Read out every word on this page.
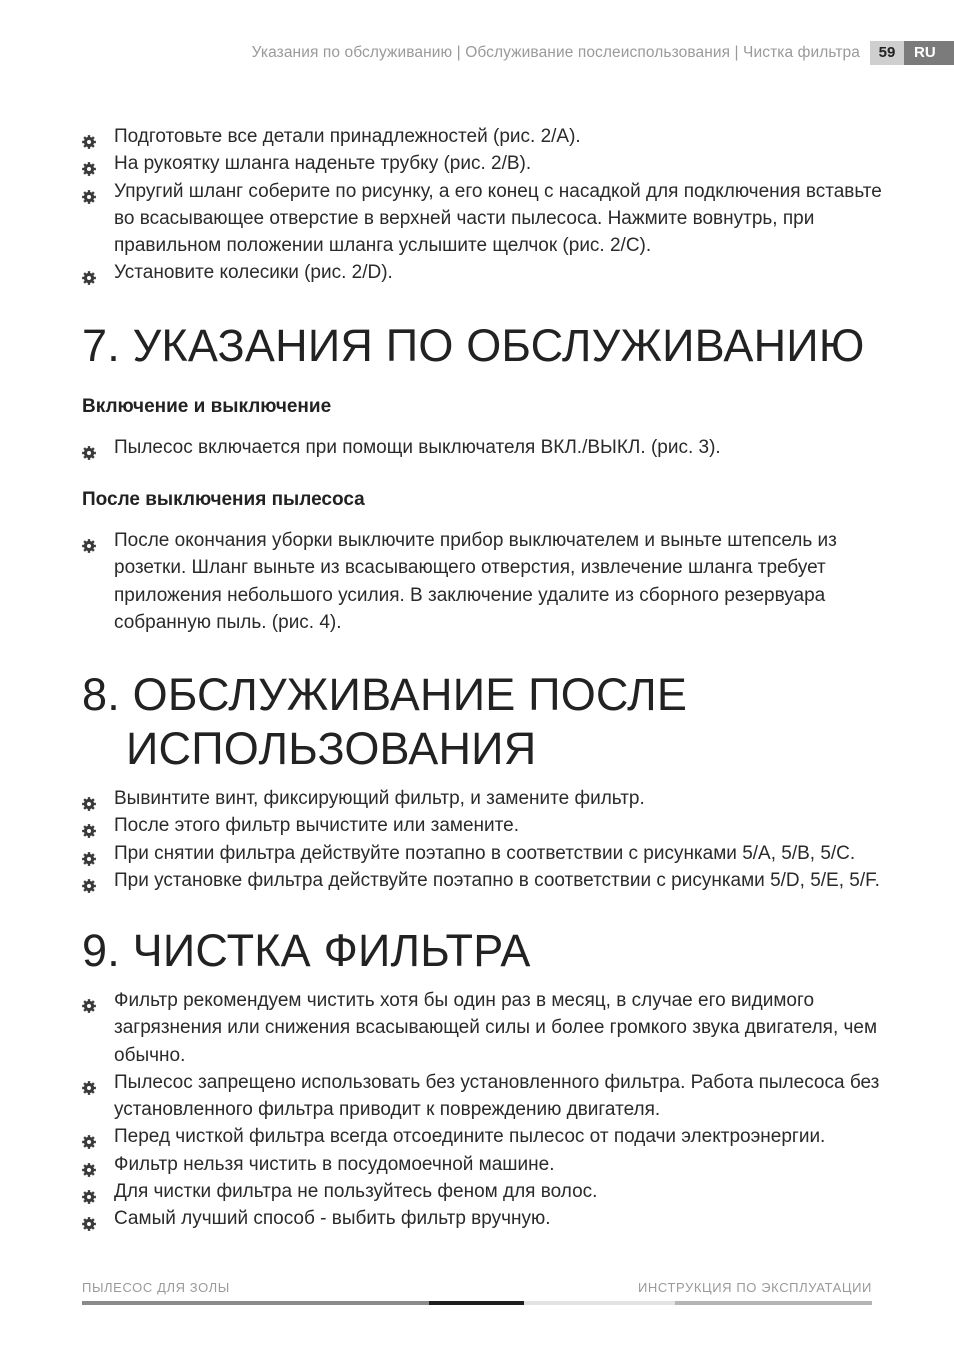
Указания по обслуживанию | Обслуживание послеиспользования | Чистка фильтра	59	RU
Подготовьте все детали принадлежностей (рис. 2/A).
На рукоятку шланга наденьте трубку (рис. 2/B).
Упругий шланг соберите по рисунку, а его конец с насадкой для подключения вставьте во всасывающее отверстие в верхней части пылесоса. Нажмите вовнутрь, при правильном положении шланга услышите щелчок (рис. 2/C).
Установите колесики (рис. 2/D).
7. УКАЗАНИЯ ПО ОБСЛУЖИВАНИЮ
Включение и выключение
Пылесос включается при помощи выключателя ВКЛ./ВЫКЛ. (рис. 3).
После выключения пылесоса
После окончания уборки выключите прибор выключателем и выньте штепсель из розетки. Шланг выньте из всасывающего отверстия, извлечение шланга требует приложения небольшого усилия. В заключение удалите из сборного резервуара собранную пыль. (рис. 4).
8. ОБСЛУЖИВАНИЕ ПОСЛЕ
ИСПОЛЬЗОВАНИЯ
Вывинтите винт, фиксирующий фильтр, и замените фильтр.
После этого фильтр вычистите или замените.
При снятии фильтра действуйте поэтапно в соответствии с рисунками 5/A, 5/B, 5/C.
При установке фильтра действуйте поэтапно в соответствии с рисунками 5/D, 5/E, 5/F.
9. ЧИСТКА ФИЛЬТРА
Фильтр рекомендуем чистить хотя бы один раз в месяц, в случае его видимого загрязнения или снижения всасывающей силы и более громкого звука двигателя, чем обычно.
Пылесос запрещено использовать без установленного фильтра. Работа пылесоса без установленного фильтра приводит к повреждению двигателя.
Перед чисткой фильтра всегда отсоедините пылесос от подачи электроэнергии.
Фильтр нельзя чистить в посудомоечной машине.
Для чистки фильтра не пользуйтесь феном для волос.
Самый лучший способ - выбить фильтр вручную.
ПЫЛЕСОС ДЛЯ ЗОЛЫ	ИНСТРУКЦИЯ ПО ЭКСПЛУАТАЦИИ
